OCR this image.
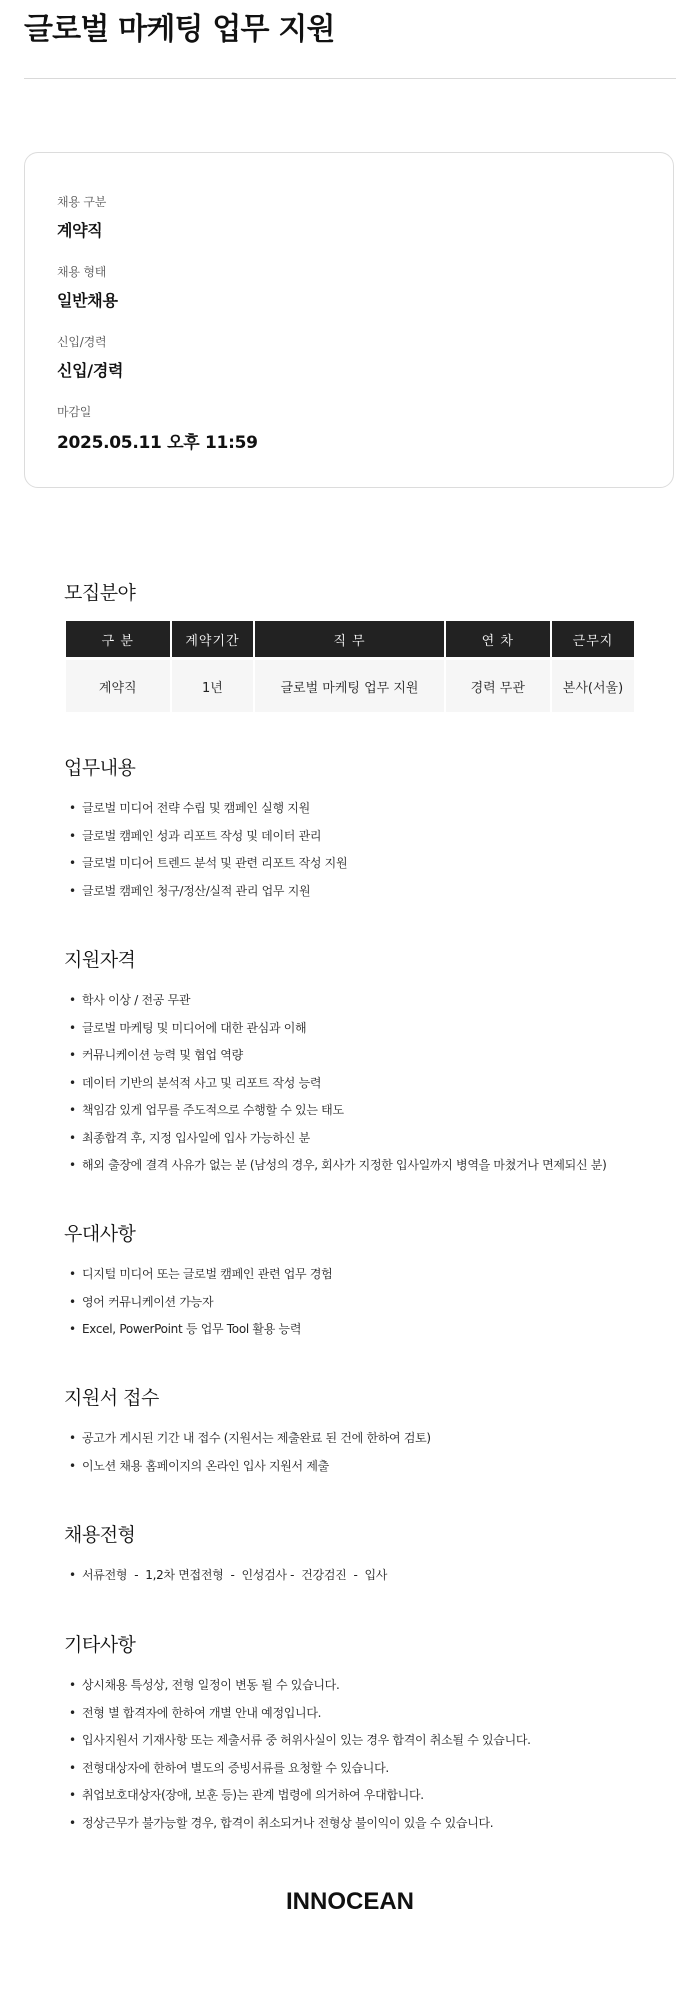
글로벌 마케팅 업무 지원
채용 구분
계약직
채용 형태
일반채용
신입/경력
신입/경력
마감일
2025.05.11 오후 11:59
모집분야
구 분	계약기간	직 무	연 차	근무지
계약직	1년	글로벌 마케팅 업무 지원	경력 무관	본사(서울)
업무내용
• 글로벌 미디어 전략 수립 및 캠페인 실행 지원
• 글로벌 캠페인 성과 리포트 작성 및 데이터 관리
• 글로벌 미디어 트렌드 분석 및 관련 리포트 작성 지원
• 글로벌 캠페인 청구/정산/실적 관리 업무 지원
지원자격
• 학사 이상 / 전공 무관
• 글로벌 마케팅 및 미디어에 대한 관심과 이해
• 커뮤니케이션 능력 및 협업 역량
• 데이터 기반의 분석적 사고 및 리포트 작성 능력
• 책임감 있게 업무를 주도적으로 수행할 수 있는 태도
• 최종합격 후, 지정 입사일에 입사 가능하신 분
• 해외 출장에 결격 사유가 없는 분 (남성의 경우, 회사가 지정한 입사일까지 병역을 마쳤거나 면제되신 분)
우대사항
• 디지털 미디어 또는 글로벌 캠페인 관련 업무 경험
• 영어 커뮤니케이션 가능자
• Excel, PowerPoint 등 업무 Tool 활용 능력
지원서 접수
• 공고가 게시된 기간 내 접수 (지원서는 제출완료 된 건에 한하여 검토)
• 이노션 채용 홈페이지의 온라인 입사 지원서 제출
채용전형
• 서류전형  -  1,2차 면접전형  -  인성검사 -  건강검진  -  입사
기타사항
• 상시채용 특성상, 전형 일정이 변동 될 수 있습니다.
• 전형 별 합격자에 한하여 개별 안내 예정입니다.
• 입사지원서 기재사항 또는 제출서류 중 허위사실이 있는 경우 합격이 취소될 수 있습니다.
• 전형대상자에 한하여 별도의 증빙서류를 요청할 수 있습니다.
• 취업보호대상자(장애, 보훈 등)는 관계 법령에 의거하여 우대합니다.
• 정상근무가 불가능할 경우, 합격이 취소되거나 전형상 불이익이 있을 수 있습니다.
INNOCEAN
